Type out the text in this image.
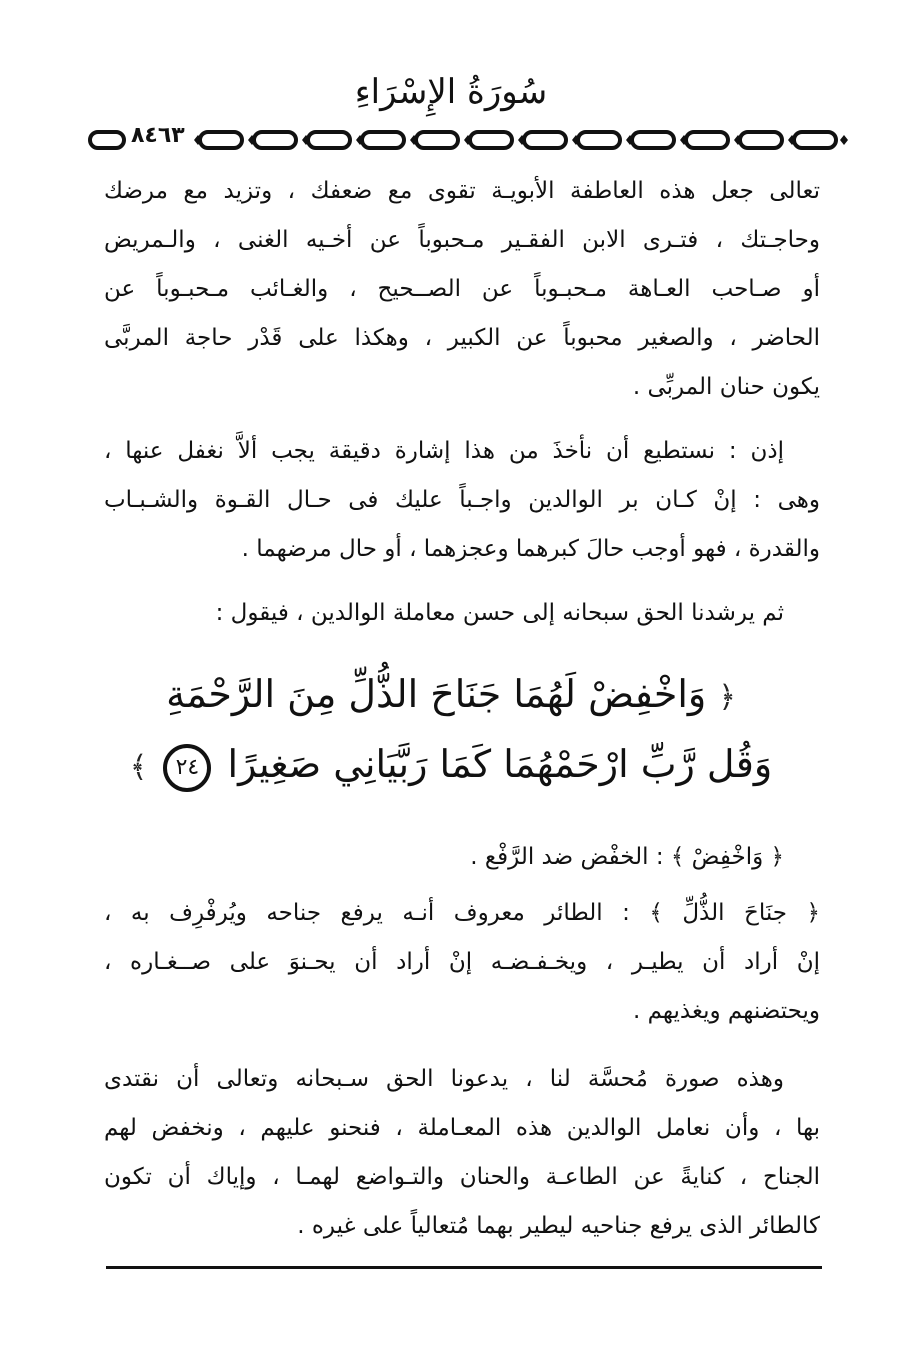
سُورَةُ الإِسْرَاءِ
٨٤٦٣
تعالى جعل هذه العاطفة الأبويـة تقوى مع ضعفك ، وتزيد مع مرضك
وحاجـتك ، فتـرى الابن الفقـير مـحبوباً عن أخـيه الغنى ، والـمريض
أو صـاحب العـاهة مـحبـوباً عن الصــحيح ، والغـائب مـحبـوباً عن
الحاضر ، والصغير محبوباً عن الكبير ، وهكذا على قَدْر حاجة المربَّى
يكون حنان المربِّى .
إذن : نستطيع أن نأخذَ من هذا إشارة دقيقة يجب ألاَّ نغفل عنها ،
وهى : إنْ كـان بر الوالدين واجـباً عليك فى حـال القـوة والشـبـاب
والقدرة ، فهو أوجب حالَ كبرهما وعجزهما ، أو حال مرضهما .
ثم يرشدنا الحق سبحانه إلى حسن معاملة الوالدين ، فيقول :
﴿ وَاخْفِضْ لَهُمَا جَنَاحَ الذُّلِّ مِنَ الرَّحْمَةِ
وَقُل رَّبِّ ارْحَمْهُمَا كَمَا رَبَّيَانِي صَغِيرًا ٢٤ ﴾
﴿ وَاخْفِضْ ﴾ : الخفْض ضد الرَّفْع .
﴿ جنَاحَ الذُّلِّ ﴾ : الطائر معروف أنـه يرفع جناحه ويُرفْرِف به ،
إنْ أراد أن يطيـر ، ويخـفـضـه إنْ أراد أن يحـنوَ على صــغـاره ،
ويحتضنهم ويغذيهم .
وهذه صورة مُحسَّة لنا ، يدعونا الحق سـبحانه وتعالى أن نقتدى
بها ، وأن نعامل الوالدين هذه المعـاملة ، فنحنو عليهم ، ونخفض لهم
الجناح ، كنايةً عن الطاعـة والحنان والتـواضع لهمـا ، وإياك أن تكون
كالطائر الذى يرفع جناحيه ليطير بهما مُتعالياً على غيره .
